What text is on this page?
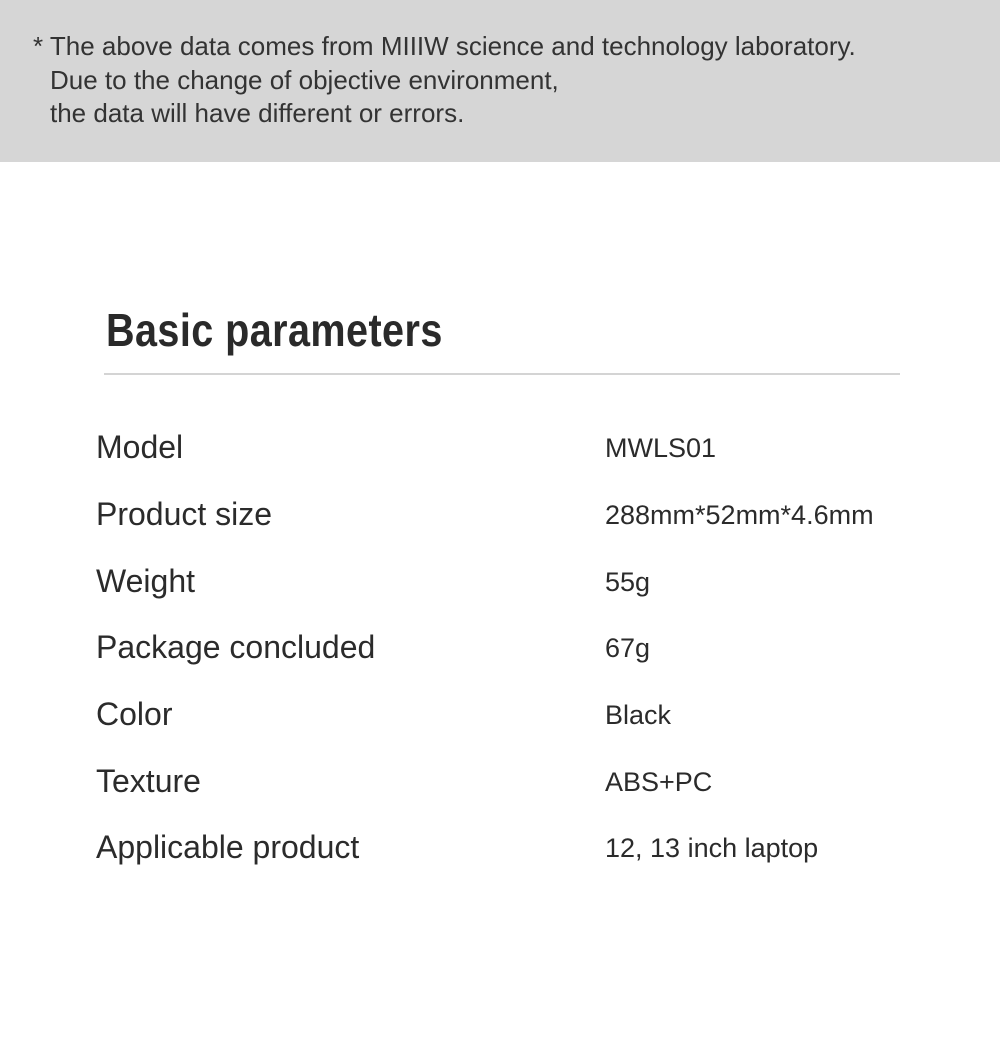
* The above data comes from MIIIW science and technology laboratory.
Due to the change of objective environment,
the data will have different or errors.
Basic parameters
Model	MWLS01
Product size	288mm*52mm*4.6mm
Weight	55g
Package concluded	67g
Color	Black
Texture	ABS+PC
Applicable product	12, 13 inch laptop
